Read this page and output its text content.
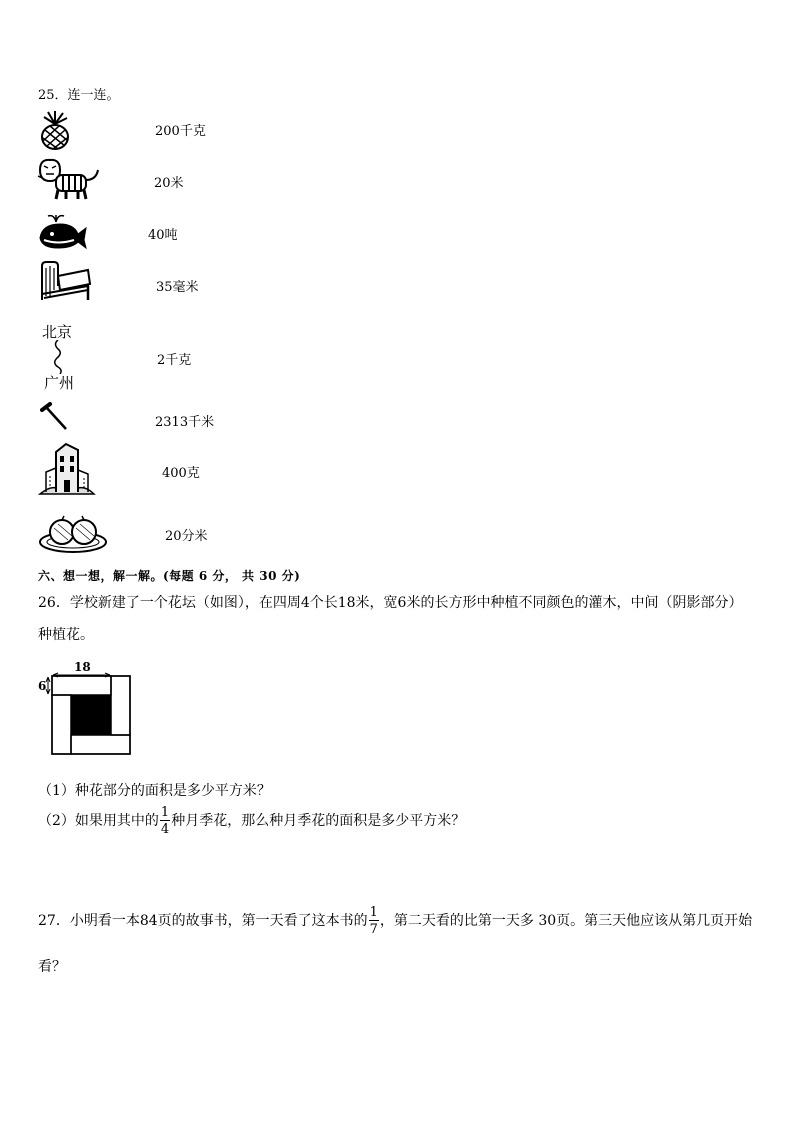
25．连一连。
200千克
20米
40吨
35毫米
北京
广州
2千克
2313千米
400克
20分米
六、想一想，解一解。(每题 6 分， 共 30 分)
26．学校新建了一个花坛（如图），在四周4个长18米，宽6米的长方形中种植不同颜色的灌木，中间（阴影部分）
种植花。
18
6
（1）种花部分的面积是多少平方米？
（2）如果用其中的 $\frac{1}{4}$ 种月季花，那么种月季花的面积是多少平方米？
27．小明看一本84页的故事书，第一天看了这本书的 $\frac{1}{7}$ ，第二天看的比第一天多 30页。第三天他应该从第几页开始
看？
